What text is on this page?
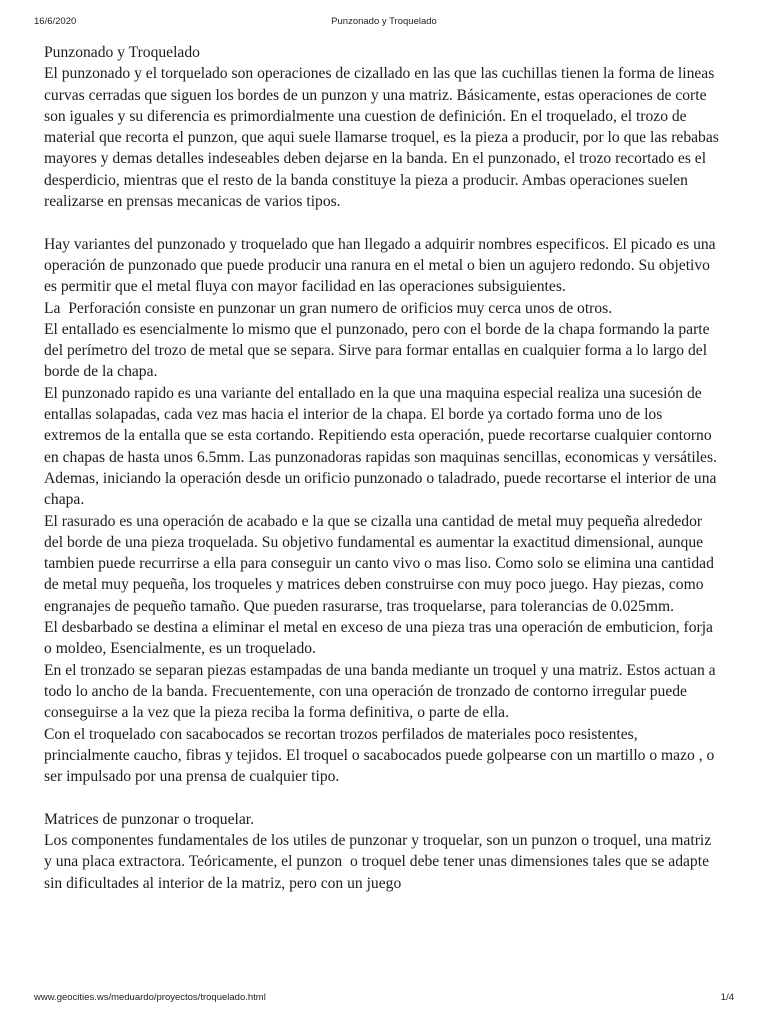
16/6/2020	Punzonado y Troquelado

Punzonado y Troquelado

El punzonado y el torquelado son operaciones de cizallado en las que las cuchillas tienen la forma de lineas curvas cerradas que siguen los bordes de un punzon y una matriz. Básicamente, estas operaciones de corte son iguales y su diferencia es primordialmente una cuestion de definición. En el troquelado, el trozo de material que recorta el punzon, que aqui suele llamarse troquel, es la pieza a producir, por lo que las rebabas mayores y demas detalles indeseables deben dejarse en la banda. En el punzonado, el trozo recortado es el desperdicio, mientras que el resto de la banda constituye la pieza a producir. Ambas operaciones suelen realizarse en prensas mecanicas de varios tipos.

Hay variantes del punzonado y troquelado que han llegado a adquirir nombres especificos. El picado es una operación de punzonado que puede producir una ranura en el metal o bien un agujero redondo. Su objetivo es permitir que el metal fluya con mayor facilidad en las operaciones subsiguientes.

La  Perforación consiste en punzonar un gran numero de orificios muy cerca unos de otros.

El entallado es esencialmente lo mismo que el punzonado, pero con el borde de la chapa formando la parte del perímetro del trozo de metal que se separa. Sirve para formar entallas en cualquier forma a lo largo del borde de la chapa.

El punzonado rapido es una variante del entallado en la que una maquina especial realiza una sucesión de entallas solapadas, cada vez mas hacia el interior de la chapa. El borde ya cortado forma uno de los extremos de la entalla que se esta cortando. Repitiendo esta operación, puede recortarse cualquier contorno en chapas de hasta unos 6.5mm. Las punzonadoras rapidas son maquinas sencillas, economicas y versátiles. Ademas, iniciando la operación desde un orificio punzonado o taladrado, puede recortarse el interior de una chapa.

El rasurado es una operación de acabado e la que se cizalla una cantidad de metal muy pequeña alrededor del borde de una pieza troquelada. Su objetivo fundamental es aumentar la exactitud dimensional, aunque tambien puede recurrirse a ella para conseguir un canto vivo o mas liso. Como solo se elimina una cantidad de metal muy pequeña, los troqueles y matrices deben construirse con muy poco juego. Hay piezas, como engranajes de pequeño tamaño. Que pueden rasurarse, tras troquelarse, para tolerancias de 0.025mm.

El desbarbado se destina a eliminar el metal en exceso de una pieza tras una operación de embuticion, forja o moldeo, Esencialmente, es un troquelado.

En el tronzado se separan piezas estampadas de una banda mediante un troquel y una matriz. Estos actuan a todo lo ancho de la banda. Frecuentemente, con una operación de tronzado de contorno irregular puede conseguirse a la vez que la pieza reciba la forma definitiva, o parte de ella.

Con el troquelado con sacabocados se recortan trozos perfilados de materiales poco resistentes, princialmente caucho, fibras y tejidos. El troquel o sacabocados puede golpearse con un martillo o mazo , o ser impulsado por una prensa de cualquier tipo.

Matrices de punzonar o troquelar.

Los componentes fundamentales de los utiles de punzonar y troquelar, son un punzon o troquel, una matriz y una placa extractora. Teóricamente, el punzon  o troquel debe tener unas dimensiones tales que se adapte sin dificultades al interior de la matriz, pero con un juego

www.geocities.ws/meduardo/proyectos/troquelado.html	1/4
